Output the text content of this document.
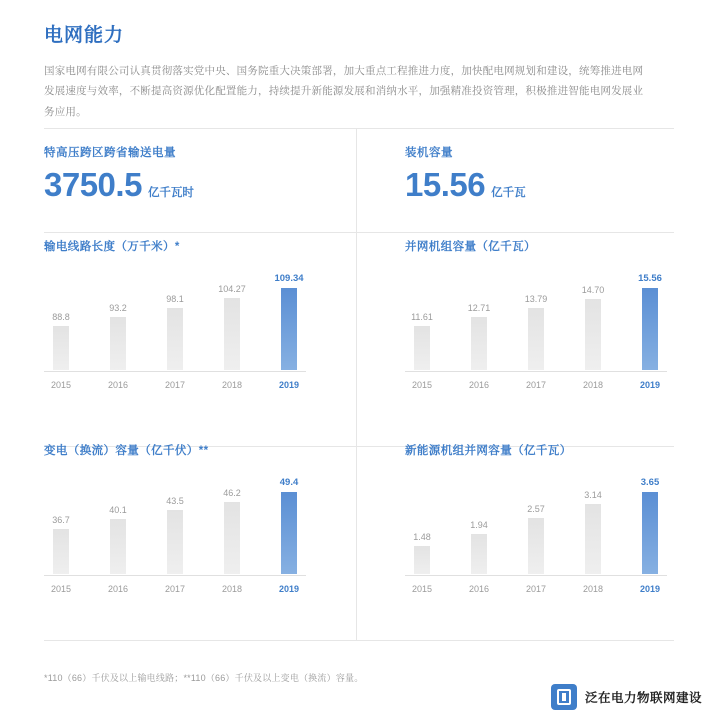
电网能力

国家电网有限公司认真贯彻落实党中央、国务院重大决策部署，加大重点工程推进力度，加快配电网规划和建设，统筹推进电网发展速度与效率，不断提高资源优化配置能力，持续提升新能源发展和消纳水平，加强精准投资管理，积极推进智能电网发展业务应用。

特高压跨区跨省输送电量
3750.5 亿千瓦时
装机容量
15.56 亿千瓦
输电线路长度（万千米）*
88.8
93.2
98.1
104.27
109.34
2015	2016	2017	2018	2019
并网机组容量（亿千瓦）
11.61
12.71
13.79
14.70
15.56
2015	2016	2017	2018	2019
变电（换流）容量（亿千伏）**
36.7
40.1
43.5
46.2
49.4
2015	2016	2017	2018	2019
新能源机组并网容量（亿千瓦）
1.48
1.94
2.57
3.14
3.65
2015	2016	2017	2018	2019
*110（66）千伏及以上输电线路；**110（66）千伏及以上变电（换流）容量。
泛在电力物联网建设
